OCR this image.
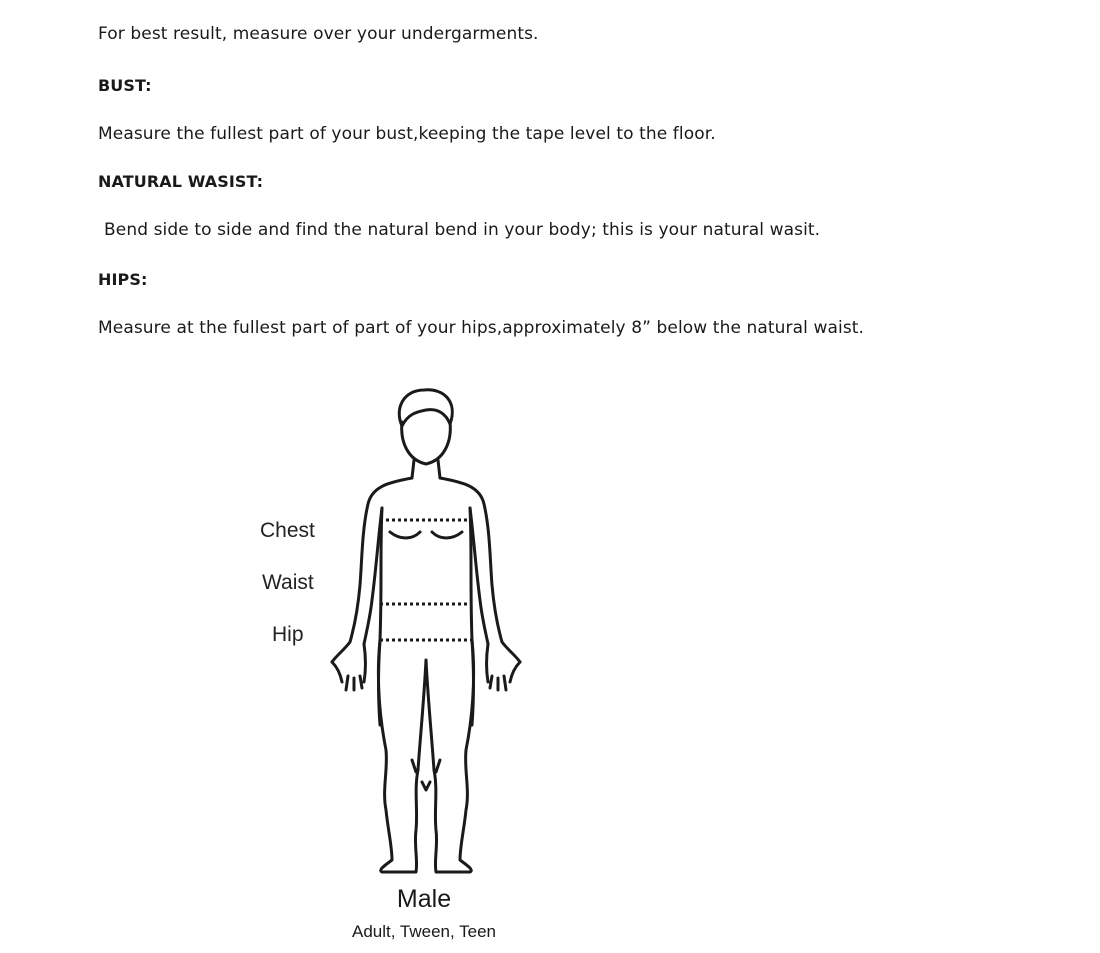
For best result, measure over your undergarments.
BUST:
Measure the fullest part of your bust,keeping the tape level to the floor.
NATURAL WASIST:
Bend side to side and find the natural bend in your body; this is your natural wasit.
HIPS:
Measure at the fullest part of part of your hips,approximately 8” below the natural waist.
Chest
Waist
Hip
Male
Adult, Tween, Teen
